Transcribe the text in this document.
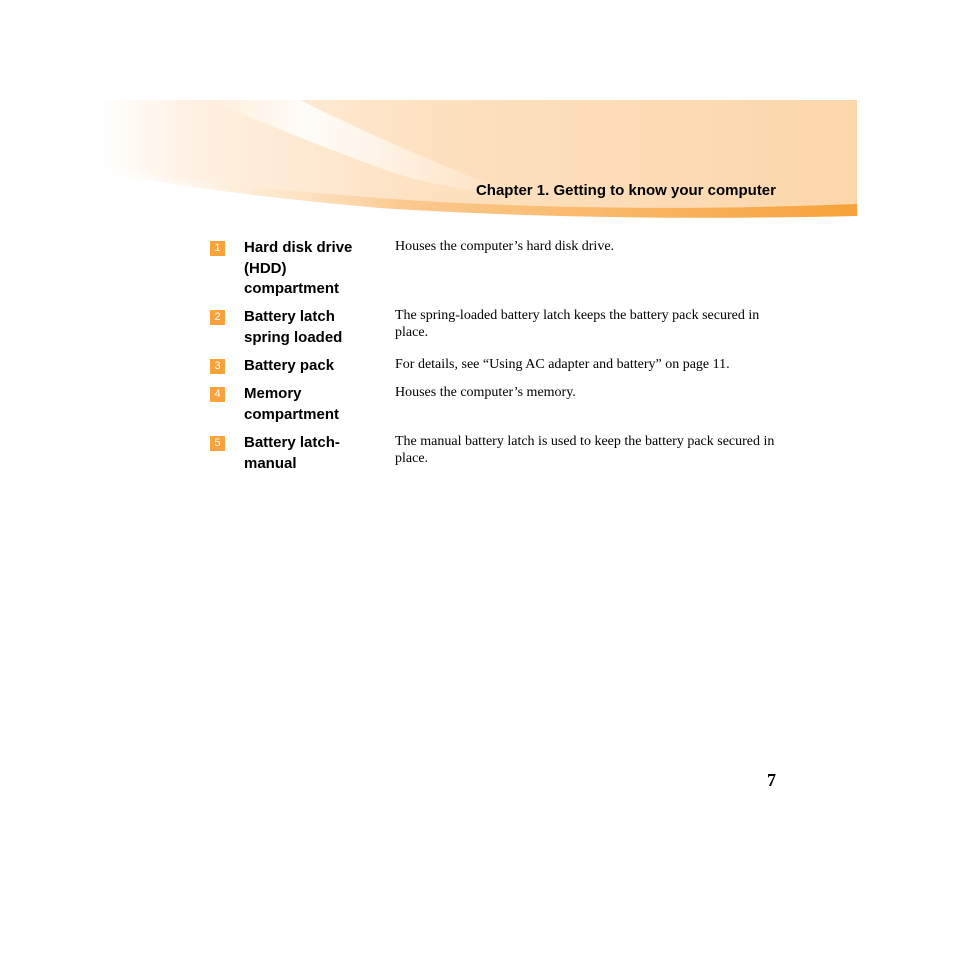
Chapter 1. Getting to know your computer
1 Hard disk drive (HDD) compartment
Houses the computer’s hard disk drive.
2 Battery latch spring loaded
The spring-loaded battery latch keeps the battery pack secured in place.
3 Battery pack	For details, see “Using AC adapter and battery” on page 11.
4 Memory compartment
Houses the computer’s memory.
5 Battery latch-manual
The manual battery latch is used to keep the battery pack secured in place.
7
